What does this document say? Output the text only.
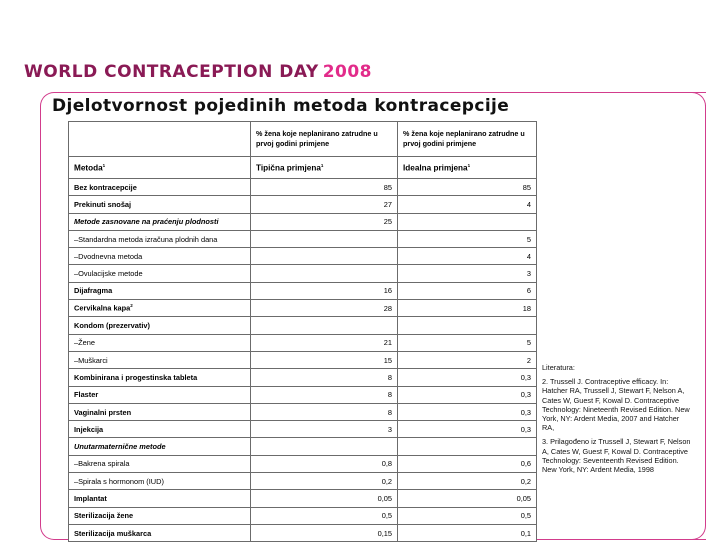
WORLD CONTRACEPTION DAY 2008
Djelotvornost pojedinih metoda kontracepcije
	% žena koje neplanirano zatrudne u prvoj godini primjene	% žena koje neplanirano zatrudne u prvoj godini primjene
Metoda$^1$	Tipična primjena$^1$	Idealna primjena$^1$
Bez kontracepcije	85	85
Prekinuti snošaj	27	4
Metode zasnovane na praćenju plodnosti	25	
–Standardna metoda izračuna plodnih dana		5
–Dvodnevna metoda		4
–Ovulacijske metode		3
Dijafragma	16	6
Cervikalna kapa$^2$	28	18
Kondom (prezervativ)		
–Žene	21	5
–Muškarci	15	2
Kombinirana i progestinska tableta	8	0,3
Flaster	8	0,3
Vaginalni prsten	8	0,3
Injekcija	3	0,3
Unutarmaternične metode		
–Bakrena spirala	0,8	0,6
–Spirala s hormonom (IUD)	0,2	0,2
Implantat	0,05	0,05
Sterilizacija žene	0,5	0,5
Sterilizacija muškarca	0,15	0,1

Literatura:

2. Trussell J. Contraceptive efficacy. In: Hatcher RA, Trussell J, Stewart F, Nelson A, Cates W, Guest F, Kowal D. Contraceptive Technology: Nineteenth Revised Edition. New York, NY: Ardent Media, 2007 and Hatcher RA,

3. Prilagođeno iz Trussell J, Stewart F, Nelson A, Cates W, Guest F, Kowal D. Contraceptive Technology: Seventeenth Revised Edition. New York, NY: Ardent Media, 1998
